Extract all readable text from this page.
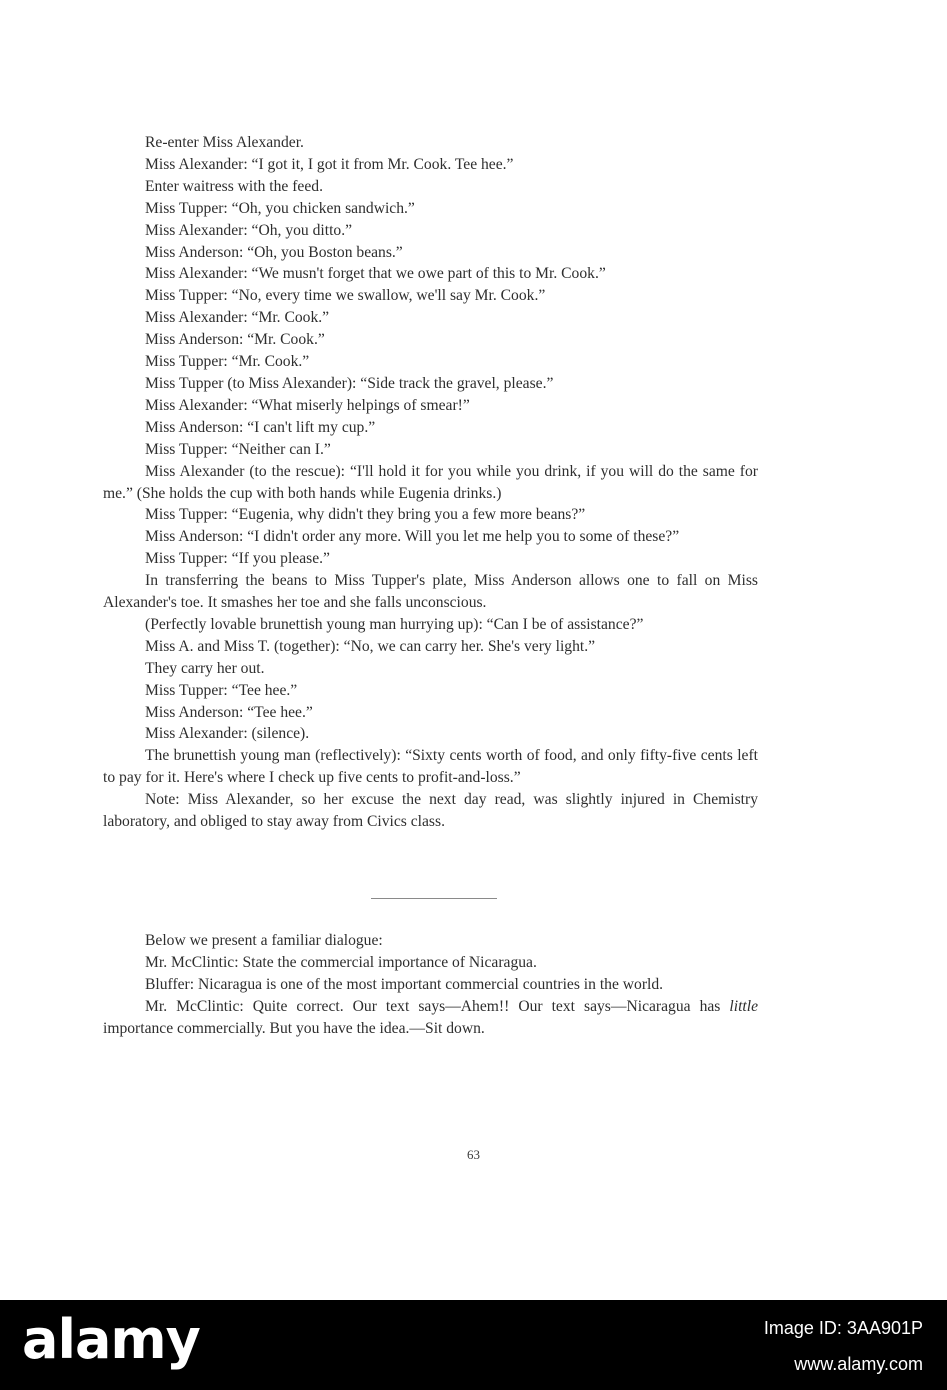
Re-enter Miss Alexander.

Miss Alexander: “I got it, I got it from Mr. Cook. Tee hee.”

Enter waitress with the feed.

Miss Tupper: “Oh, you chicken sandwich.”

Miss Alexander: “Oh, you ditto.”

Miss Anderson: “Oh, you Boston beans.”

Miss Alexander: “We musn't forget that we owe part of this to Mr. Cook.”

Miss Tupper: “No, every time we swallow, we'll say Mr. Cook.”

Miss Alexander: “Mr. Cook.”

Miss Anderson: “Mr. Cook.”

Miss Tupper: “Mr. Cook.”

Miss Tupper (to Miss Alexander): “Side track the gravel, please.”

Miss Alexander: “What miserly helpings of smear!”

Miss Anderson: “I can't lift my cup.”

Miss Tupper: “Neither can I.”

Miss Alexander (to the rescue): “I'll hold it for you while you drink, if you will do the same for me.” (She holds the cup with both hands while Eugenia drinks.)

Miss Tupper: “Eugenia, why didn't they bring you a few more beans?”

Miss Anderson: “I didn't order any more. Will you let me help you to some of these?”

Miss Tupper: “If you please.”

In transferring the beans to Miss Tupper's plate, Miss Anderson allows one to fall on Miss Alexander's toe. It smashes her toe and she falls unconscious.

(Perfectly lovable brunettish young man hurrying up): “Can I be of assistance?”

Miss A. and Miss T. (together): “No, we can carry her. She's very light.”

They carry her out.

Miss Tupper: “Tee hee.”

Miss Anderson: “Tee hee.”

Miss Alexander: (silence).

The brunettish young man (reflectively): “Sixty cents worth of food, and only fifty-five cents left to pay for it. Here's where I check up five cents to profit-and-loss.”

Note: Miss Alexander, so her excuse the next day read, was slightly injured in Chemistry laboratory, and obliged to stay away from Civics class.

Below we present a familiar dialogue:

Mr. McClintic: State the commercial importance of Nicaragua.

Bluffer: Nicaragua is one of the most important commercial countries in the world.

Mr. McClintic: Quite correct. Our text says—Ahem!! Our text says—Nicaragua has little importance commercially. But you have the idea.—Sit down.

63
alamy	Image ID: 3AA901P
www.alamy.com
